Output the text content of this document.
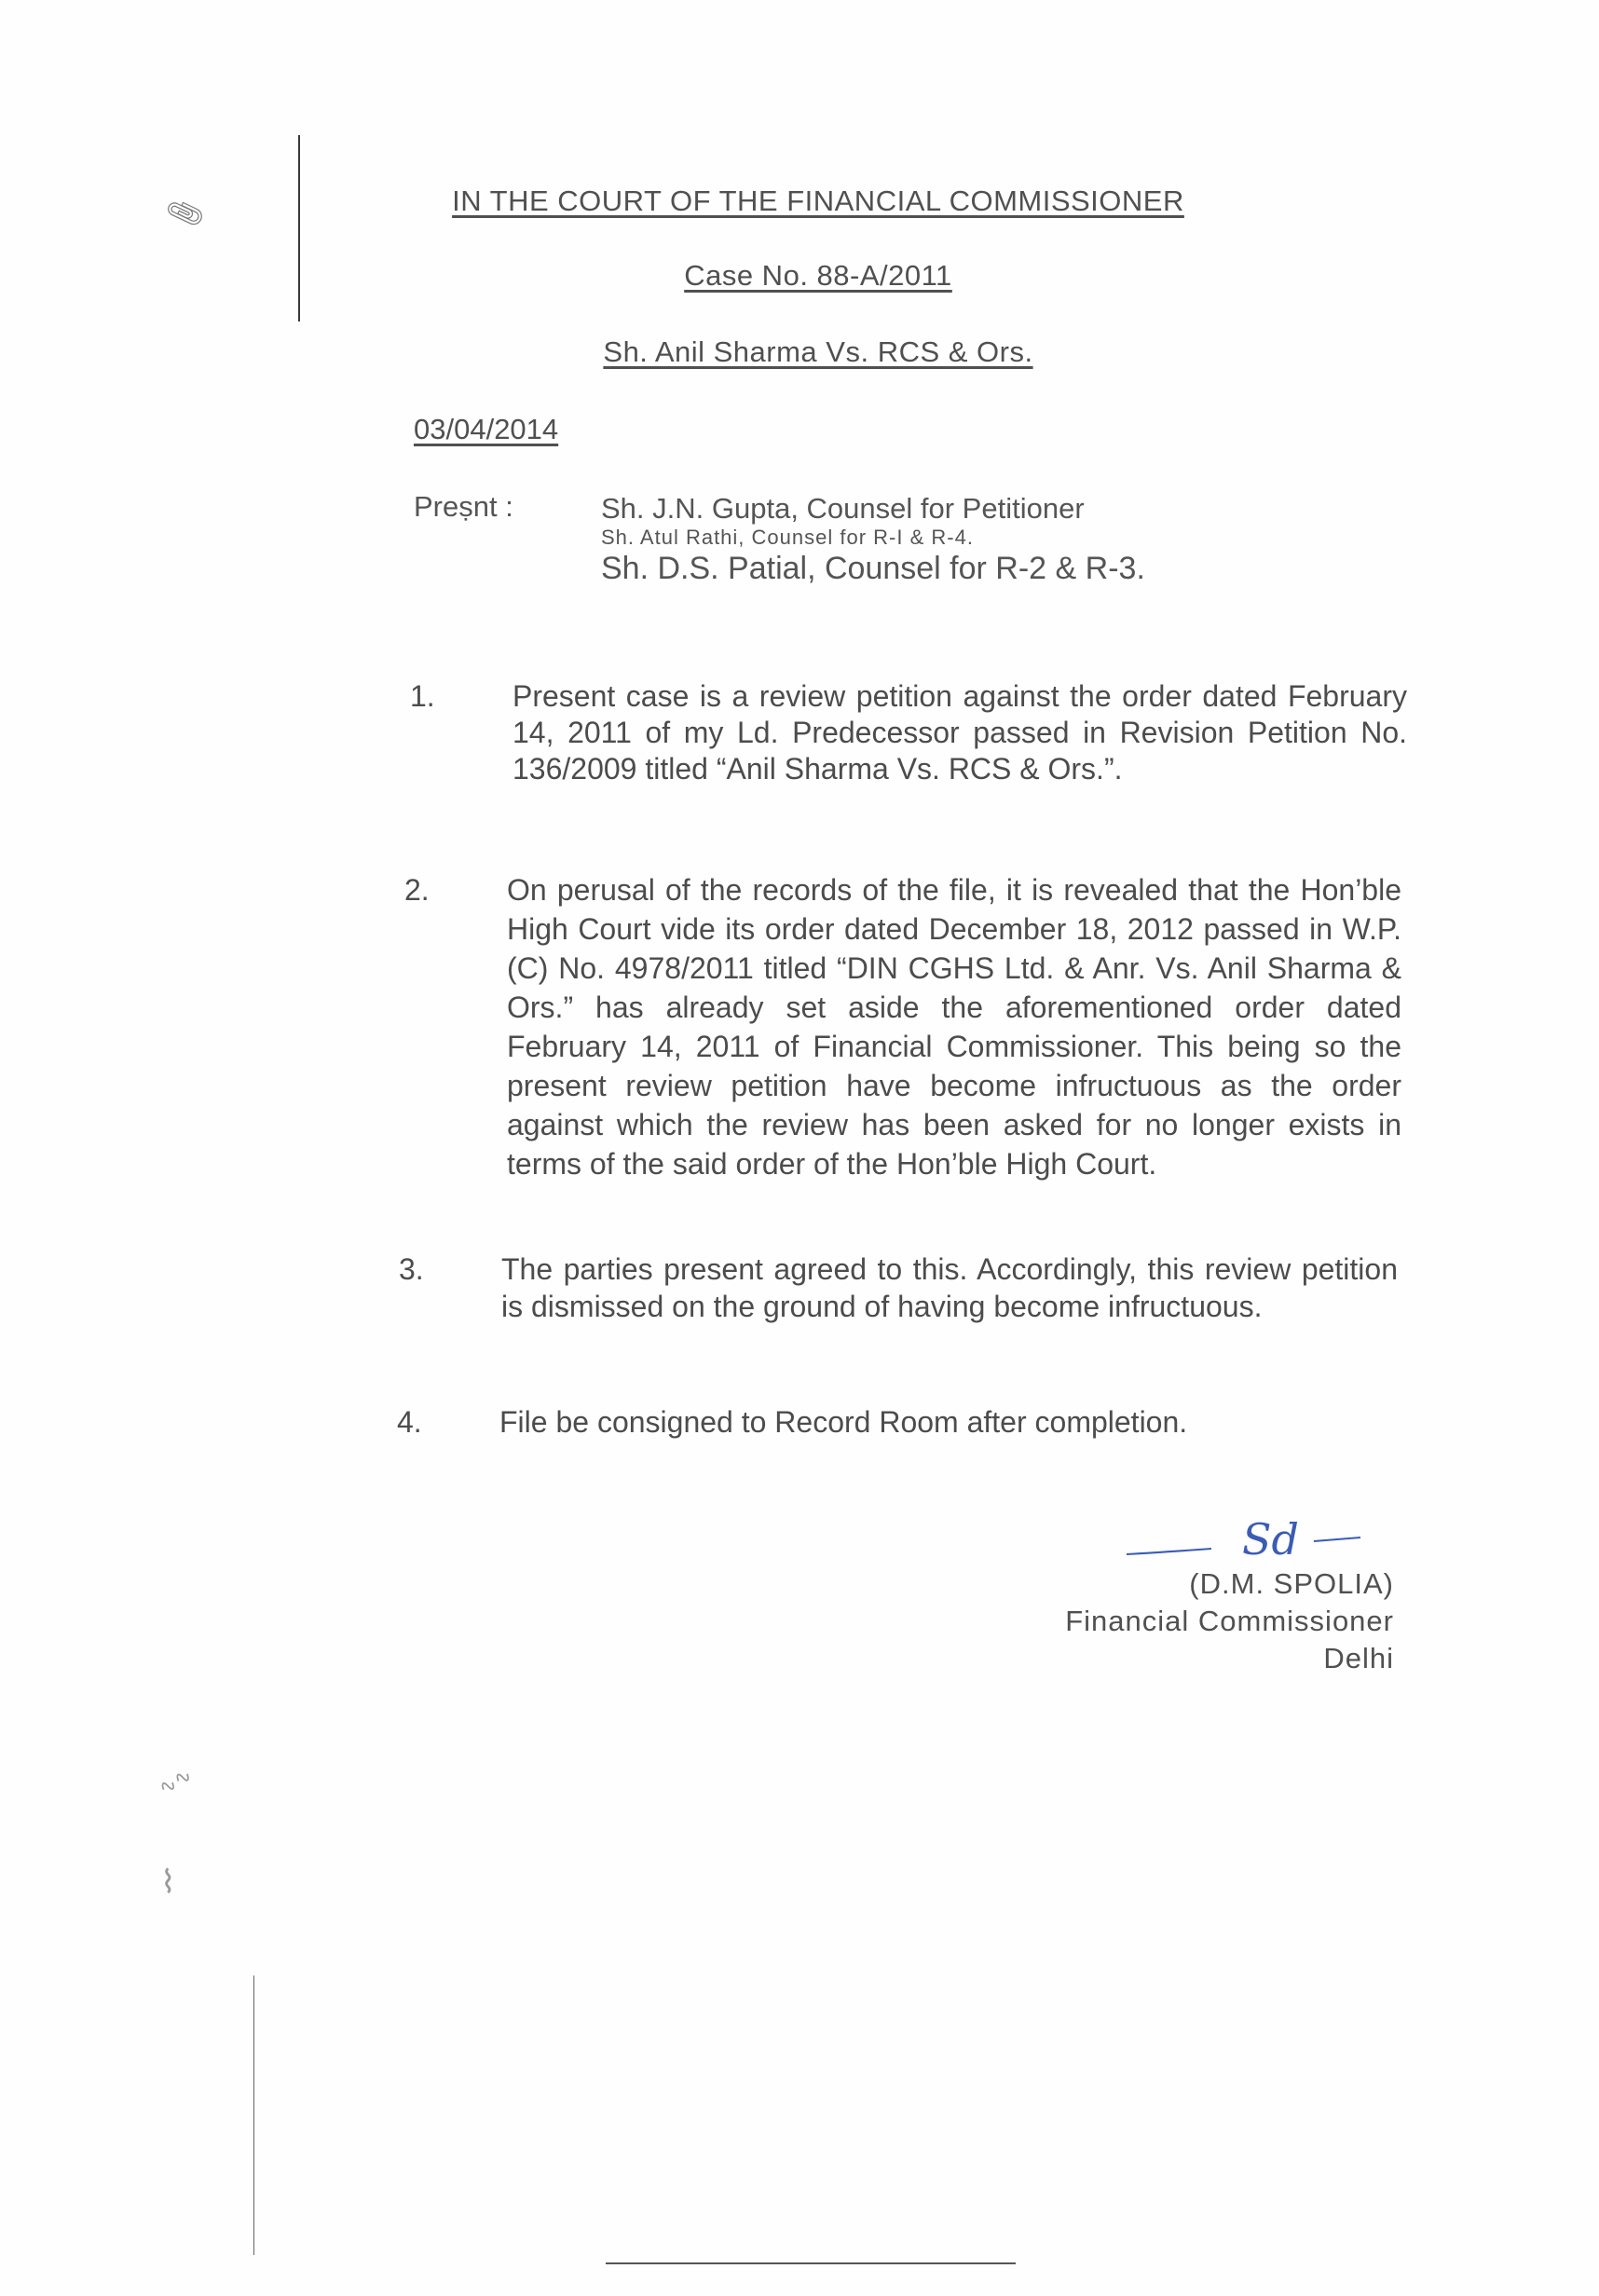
📎︎
∿∿
⌇
IN THE COURT OF THE FINANCIAL COMMISSIONER
Case No. 88-A/2011
Sh. Anil Sharma Vs. RCS & Ors.
03/04/2014
Preṣnt :	Sh. J.N. Gupta, Counsel for Petitioner
Sh. Atul Rathi, Counsel for R-I & R-4.
Sh. D.S. Patial, Counsel for R-2 & R-3.
1.	Present case is a review petition against the order dated February 14, 2011 of my Ld. Predecessor passed in Revision Petition No. 136/2009 titled “Anil Sharma Vs. RCS & Ors.”.
2.	On perusal of the records of the file, it is revealed that the Hon’ble High Court vide its order dated December 18, 2012 passed in W.P.(C) No. 4978/2011 titled “DIN CGHS Ltd. & Anr. Vs. Anil Sharma & Ors.” has already set aside the aforementioned order dated February 14, 2011 of Financial Commissioner. This being so the present review petition have become infructuous as the order against which the review has been asked for no longer exists in terms of the said order of the Hon’ble High Court.
3.	The parties present agreed to this. Accordingly, this review petition is dismissed on the ground of having become infructuous.
4.	File be consigned to Record Room after completion.
Sd
(D.M. SPOLIA)
Financial Commissioner
Delhi
